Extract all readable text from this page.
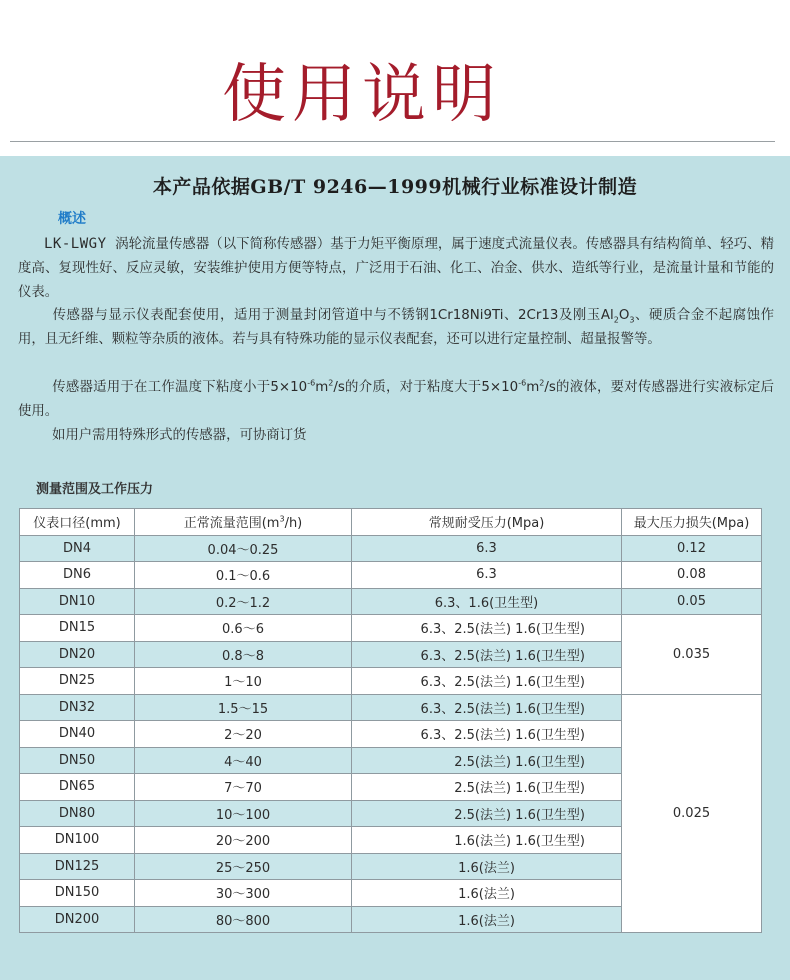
使用说明
本产品依据GB/T 9246—1999机械行业标准设计制造
概述
LK-LWGY 涡轮流量传感器（以下简称传感器）基于力矩平衡原理，属于速度式流量仪表。传感器具有结构简单、轻巧、精度高、复现性好、反应灵敏，安装维护使用方便等特点，广泛用于石油、化工、冶金、供水、造纸等行业，是流量计量和节能的仪表。
传感器与显示仪表配套使用，适用于测量封闭管道中与不锈钢1Cr18Ni9Ti、2Cr13及刚玉$Al_2O_3$、硬质合金不起腐蚀作用，且无纤维、颗粒等杂质的液体。若与具有特殊功能的显示仪表配套，还可以进行定量控制、超量报警等。
传感器适用于在工作温度下粘度小于$5\times 10^{-6}m^2/s$的介质，对于粘度大于$5\times 10^{-6}m^2/s$的液体，要对传感器进行实液标定后使用。
如用户需用特殊形式的传感器，可协商订货
测量范围及工作压力
仪表口径(mm)	正常流量范围$(m^3/h)$	常规耐受压力(Mpa)	最大压力损失(Mpa)
DN4	0.04～0.25	6.3	0.12
DN6	0.1～0.6	6.3	0.08
DN10	0.2～1.2	6.3、1.6(卫生型)	0.05
DN15	0.6～6	6.3、2.5(法兰) 1.6(卫生型)	0.035
DN20	0.8～8	6.3、2.5(法兰) 1.6(卫生型)	
DN25	1～10	6.3、2.5(法兰) 1.6(卫生型)	
DN32	1.5～15	6.3、2.5(法兰) 1.6(卫生型)	0.025
DN40	2～20	6.3、2.5(法兰) 1.6(卫生型)	
DN50	4～40	2.5(法兰) 1.6(卫生型)	
DN65	7～70	2.5(法兰) 1.6(卫生型)	
DN80	10～100	2.5(法兰) 1.6(卫生型)	
DN100	20～200	1.6(法兰) 1.6(卫生型)	
DN125	25～250	1.6(法兰)	
DN150	30～300	1.6(法兰)	
DN200	80～800	1.6(法兰)	
